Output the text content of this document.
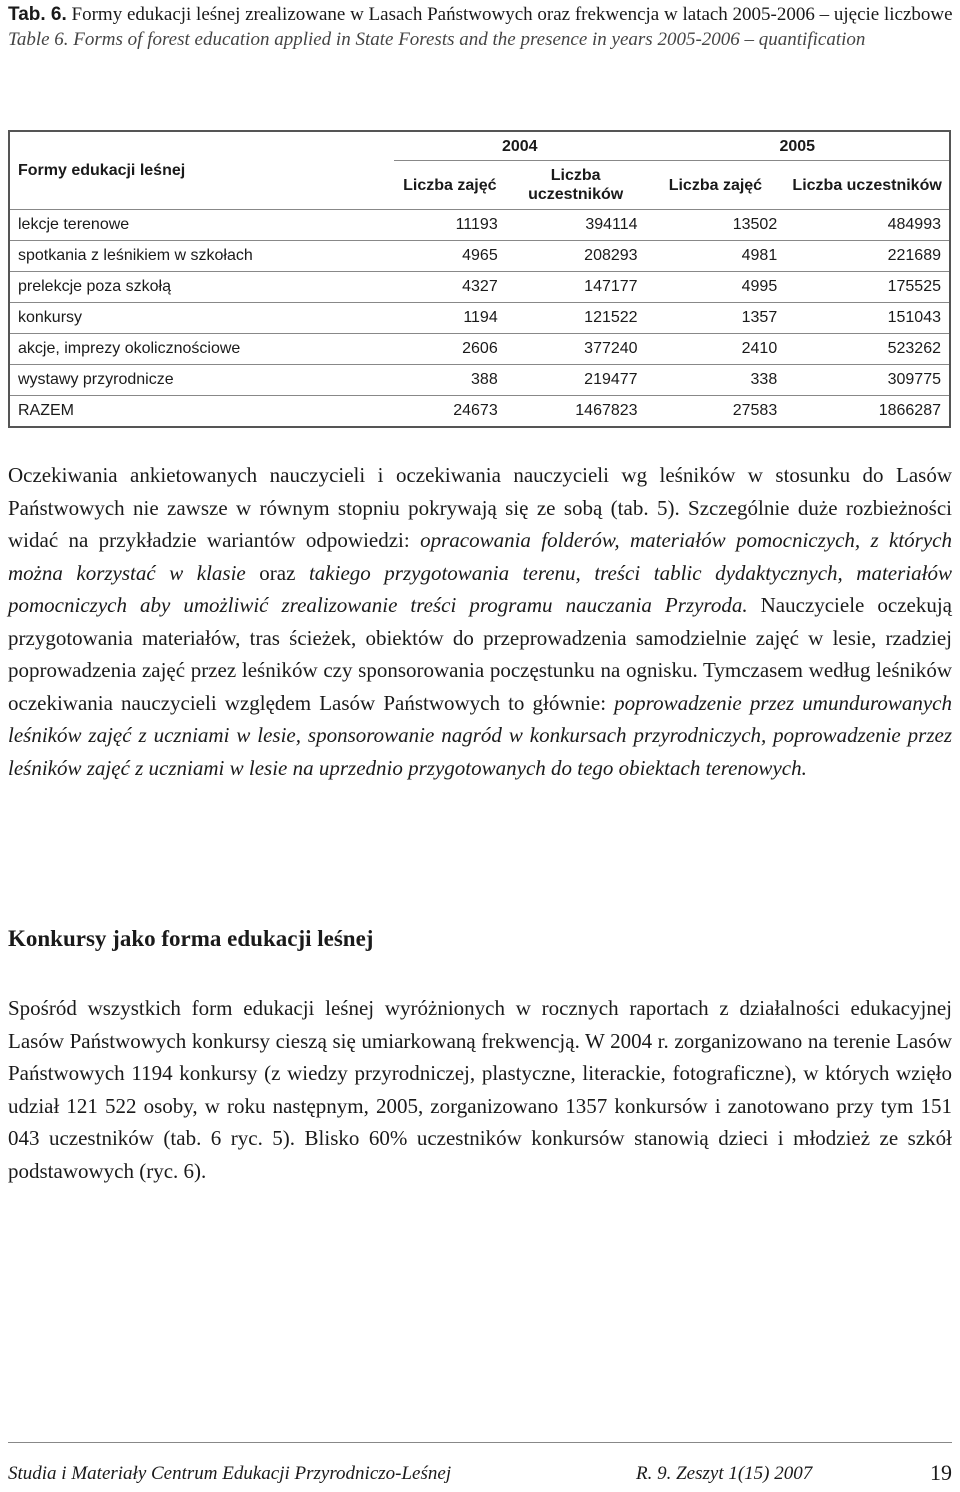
Tab. 6. Formy edukacji leśnej zrealizowane w Lasach Państwowych oraz frekwencja w latach 2005-2006 – ujęcie liczbowe
Table 6. Forms of forest education applied in State Forests and the presence in years 2005-2006 – quantification
Formy edukacji leśnej	2004		2005	
	Liczba zajęć	Liczba uczestników	Liczba zajęć	Liczba uczestników
lekcje terenowe	11193	394114	13502	484993
spotkania z leśnikiem w szkołach	4965	208293	4981	221689
prelekcje poza szkołą	4327	147177	4995	175525
konkursy	1194	121522	1357	151043
akcje, imprezy okolicznościowe	2606	377240	2410	523262
wystawy przyrodnicze	388	219477	338	309775
RAZEM	24673	1467823	27583	1866287

Oczekiwania ankietowanych nauczycieli i oczekiwania nauczycieli wg leśników w stosunku do Lasów Państwowych nie zawsze w równym stopniu pokrywają się ze sobą (tab. 5). Szczególnie duże rozbieżności widać na przykładzie wariantów odpowiedzi: opracowania folderów, materiałów pomocniczych, z których można korzystać w klasie oraz takiego przygotowania terenu, treści tablic dydaktycznych, materiałów pomocniczych aby umożliwić zrealizowanie treści programu nauczania Przyroda. Nauczyciele oczekują przygotowania materiałów, tras ścieżek, obiektów do przeprowadzenia samodzielnie zajęć w lesie, rzadziej poprowadzenia zajęć przez leśników czy sponsorowania poczęstunku na ognisku. Tymczasem według leśników oczekiwania nauczycieli względem Lasów Państwowych to głównie: poprowadzenie przez umundurowanych leśników zajęć z uczniami w lesie, sponsorowanie nagród w konkursach przyrodniczych, poprowadzenie przez leśników zajęć z uczniami w lesie na uprzednio przygotowanych do tego obiektach terenowych.

Konkursy jako forma edukacji leśnej

Spośród wszystkich form edukacji leśnej wyróżnionych w rocznych raportach z działalności edukacyjnej Lasów Państwowych konkursy cieszą się umiarkowaną frekwencją. W 2004 r. zorganizowano na terenie Lasów Państwowych 1194 konkursy (z wiedzy przyrodniczej, plastyczne, literackie, fotograficzne), w których wzięło udział 121 522 osoby, w roku następnym, 2005, zorganizowano 1357 konkursów i zanotowano przy tym 151 043 uczestników (tab. 6 ryc. 5). Blisko 60% uczestników konkursów stanowią dzieci i młodzież ze szkół podstawowych (ryc. 6).

Studia i Materiały Centrum Edukacji Przyrodniczo-Leśnej	R. 9. Zeszyt 1(15) 2007	19
